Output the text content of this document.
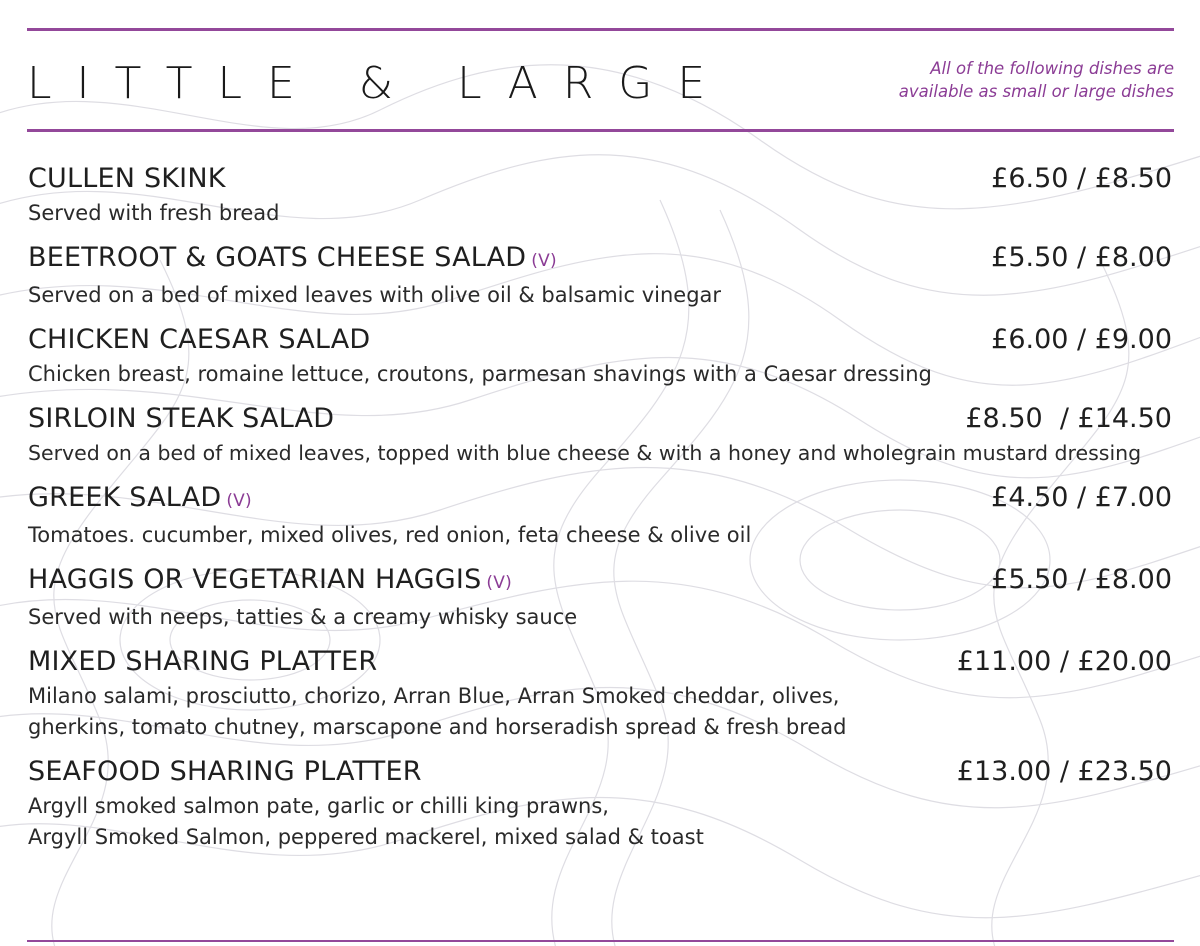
LITTLE & LARGE	All of the following dishes are
available as small or large dishes
CULLEN SKINK	£6.50 / £8.50
Served with fresh bread
BEETROOT & GOATS CHEESE SALAD (V)	£5.50 / £8.00
Served on a bed of mixed leaves with olive oil & balsamic vinegar
CHICKEN CAESAR SALAD	£6.00 / £9.00
Chicken breast, romaine lettuce, croutons, parmesan shavings with a Caesar dressing
SIRLOIN STEAK SALAD	£8.50  / £14.50
Served on a bed of mixed leaves, topped with blue cheese & with a honey and wholegrain mustard dressing
GREEK SALAD (V)	£4.50 / £7.00
Tomatoes. cucumber, mixed olives, red onion, feta cheese & olive oil
HAGGIS OR VEGETARIAN HAGGIS (V)	£5.50 / £8.00
Served with neeps, tatties & a creamy whisky sauce
MIXED SHARING PLATTER	£11.00 / £20.00
Milano salami, prosciutto, chorizo, Arran Blue, Arran Smoked cheddar, olives,
gherkins, tomato chutney, marscapone and horseradish spread & fresh bread
SEAFOOD SHARING PLATTER	£13.00 / £23.50
Argyll smoked salmon pate, garlic or chilli king prawns,
Argyll Smoked Salmon, peppered mackerel, mixed salad & toast
